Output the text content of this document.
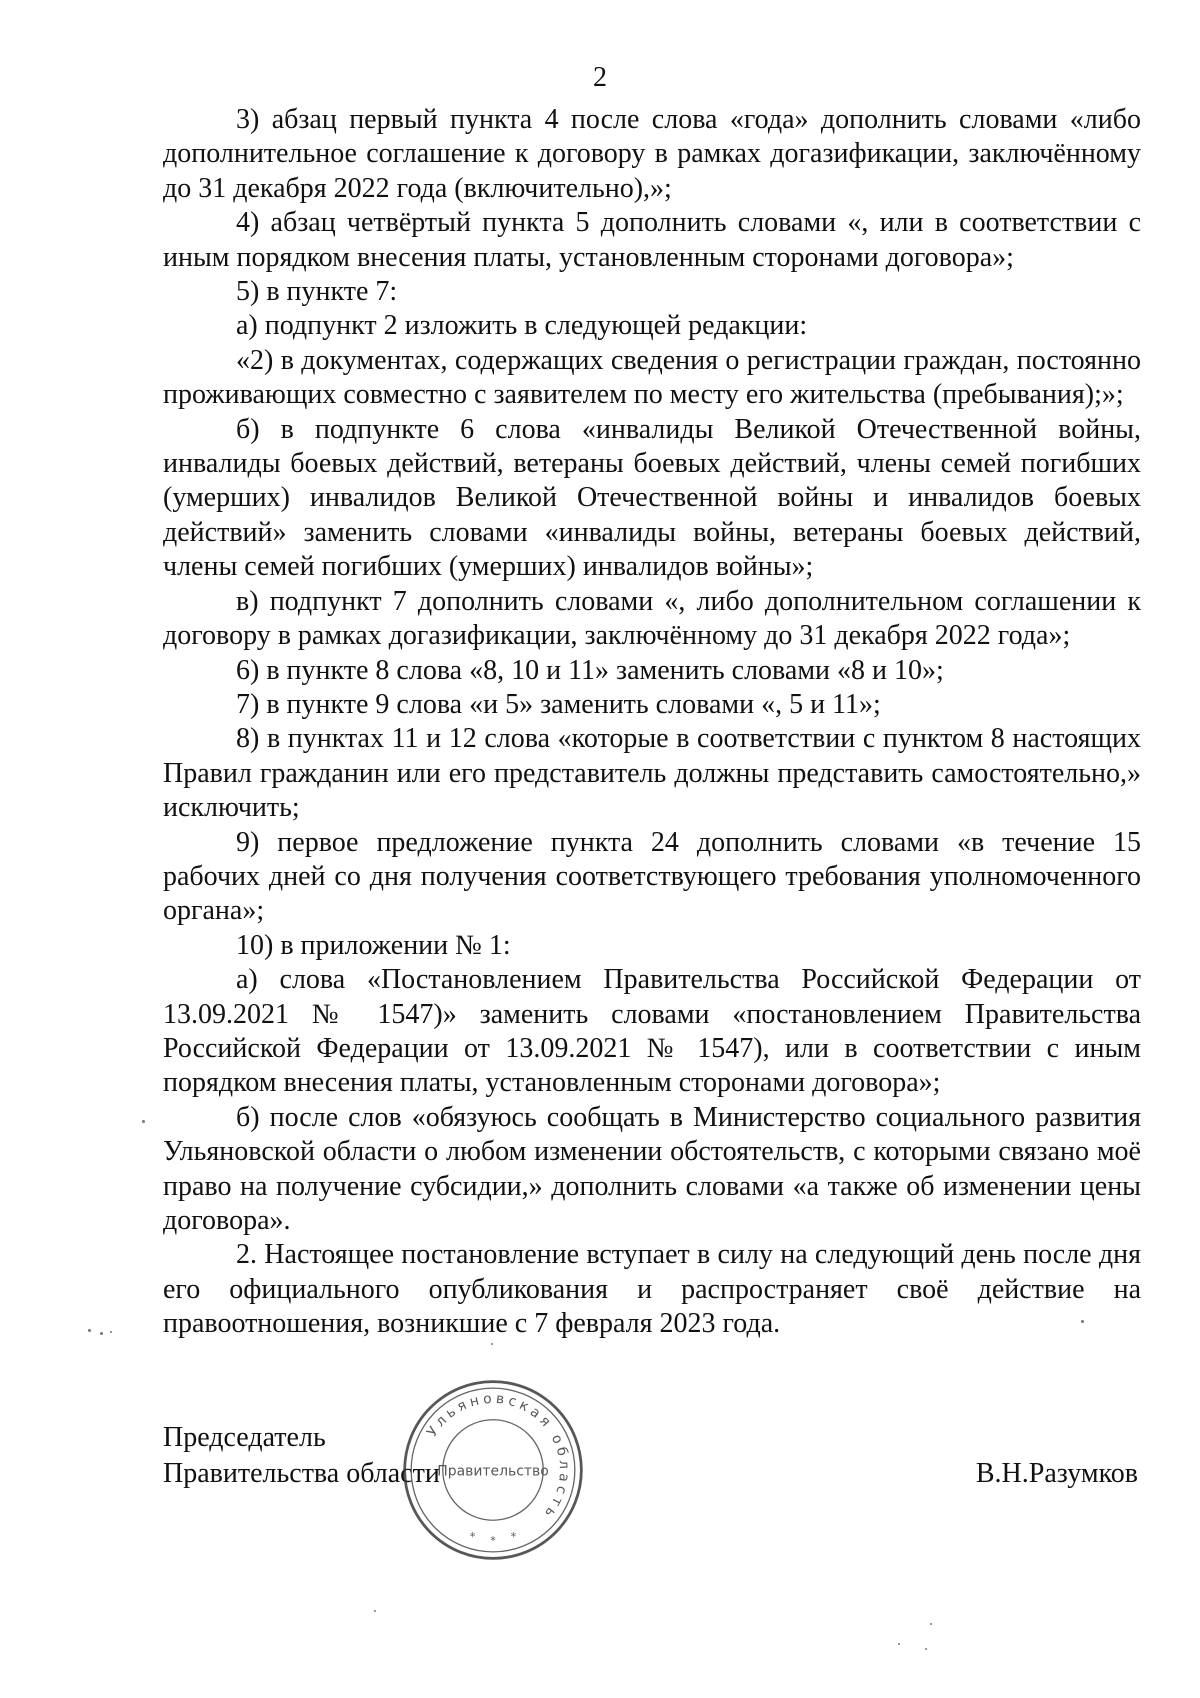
2

3) абзац первый пункта 4 после слова «года» дополнить словами «либо дополнительное соглашение к договору в рамках догазификации, заключённому до 31 декабря 2022 года (включительно),»;

4) абзац четвёртый пункта 5 дополнить словами «, или в соответствии с иным порядком внесения платы, установленным сторонами договора»;

5) в пункте 7:

а) подпункт 2 изложить в следующей редакции:

«2) в документах, содержащих сведения о регистрации граждан, постоянно проживающих совместно с заявителем по месту его жительства (пребывания);»;

б) в подпункте 6 слова «инвалиды Великой Отечественной войны, инвалиды боевых действий, ветераны боевых действий, члены семей погибших (умерших) инвалидов Великой Отечественной войны и инвалидов боевых действий» заменить словами «инвалиды войны, ветераны боевых действий, члены семей погибших (умерших) инвалидов войны»;

в) подпункт 7 дополнить словами «, либо дополнительном соглашении к договору в рамках догазификации, заключённому до 31 декабря 2022 года»;

6) в пункте 8 слова «8, 10 и 11» заменить словами «8 и 10»;

7) в пункте 9 слова «и 5» заменить словами «, 5 и 11»;

8) в пунктах 11 и 12 слова «которые в соответствии с пунктом 8 настоящих Правил гражданин или его представитель должны представить самостоятельно,» исключить;

9) первое предложение пункта 24 дополнить словами «в течение 15 рабочих дней со дня получения соответствующего требования уполномоченного органа»;

10) в приложении № 1:

а) слова «Постановлением Правительства Российской Федерации от 13.09.2021 № 1547)» заменить словами «постановлением Правительства Российской Федерации от 13.09.2021 № 1547), или в соответствии с иным порядком внесения платы, установленным сторонами договора»;

б) после слов «обязуюсь сообщать в Министерство социального развития Ульяновской области о любом изменении обстоятельств, с которыми связано моё право на получение субсидии,» дополнить словами «а также об изменении цены договора».

2. Настоящее постановление вступает в силу на следующий день после дня его официального опубликования и распространяет своё действие на правоотношения, возникшие с 7 февраля 2023 года.

Председатель
Правительства области
Ульяновская область
Правительство
* * *
В.Н.Разумков
